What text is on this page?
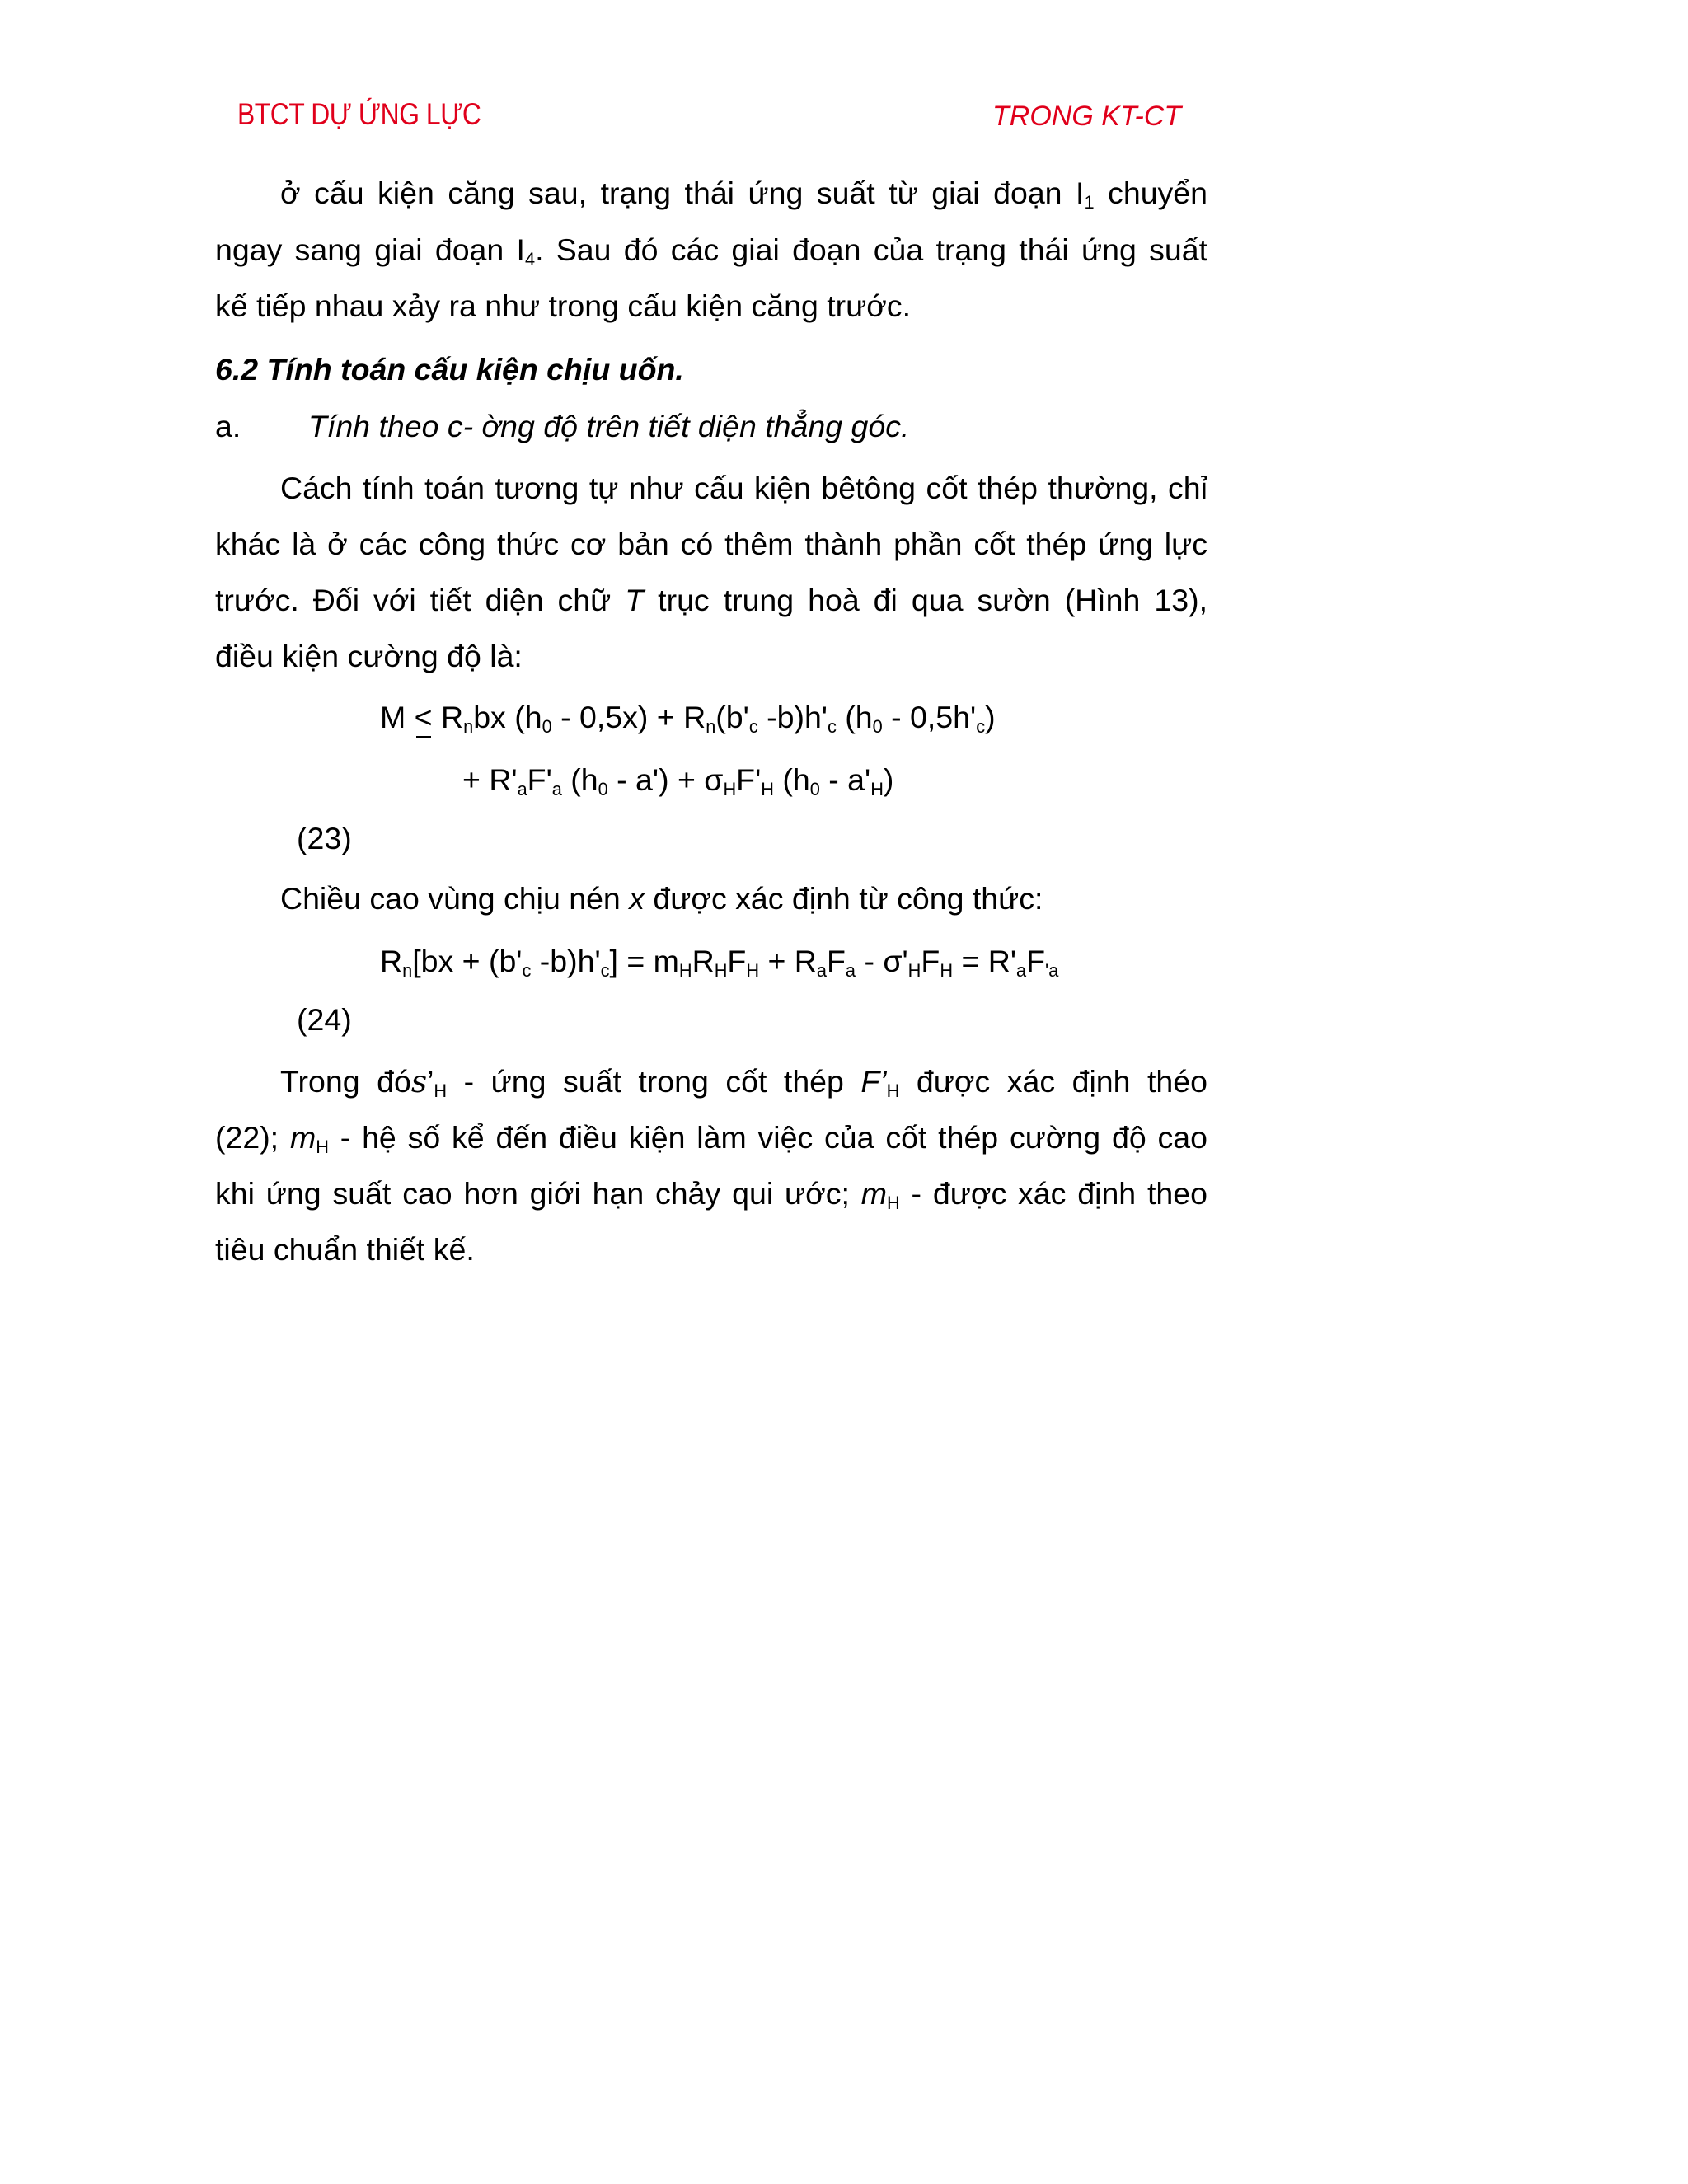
BTCT DỰ ỨNG LỰC	TRONG KT-CT
ở cấu kiện căng sau, trạng thái ứng suất từ giai đoạn $I_1$ chuyển
ngay sang giai đoạn $I_4$. Sau đó các giai đoạn của trạng thái ứng suất
kế tiếp nhau xảy ra như trong cấu kiện căng trước.
6.2 Tính toán cấu kiện chịu uốn.
a. Tính theo c- ờng độ trên tiết diện thẳng góc.
Cách tính toán tương tự như cấu kiện bêtông cốt thép thường, chỉ
khác là ở các công thức cơ bản có thêm thành phần cốt thép ứng lực
trước. Đối với tiết diện chữ T trục trung hoà đi qua sườn (Hình 13),
điều kiện cường độ là:
$M < R_nbx$ $(h_0 - 0,5x) + R_n(b'_c$ $-b)h'_c$ $(h_0 - 0,5h'_c)$
+ $R'_aF'_a$ $(h_0 - a') + \sigma_HF'_H$ $(h_0 - a'_H)$
(23)
Chiều cao vùng chịu nén x được xác định từ công thức:
$R_n[bx + (b'_c$ $-b)h'_c] = m_HR_HF_H + R_aF_a - \sigma'_HF_H = R'_aF_{'a}$
(24)
Trong $đós’_H$ - ứng suất trong cốt thép $F’_H$ được xác định théo
(22); $m_H$ - hệ số kể đến điều kiện làm việc của cốt thép cường độ cao
khi ứng suất cao hơn giới hạn chảy qui ước; $m_H$ - được xác định theo
tiêu chuẩn thiết kế.
